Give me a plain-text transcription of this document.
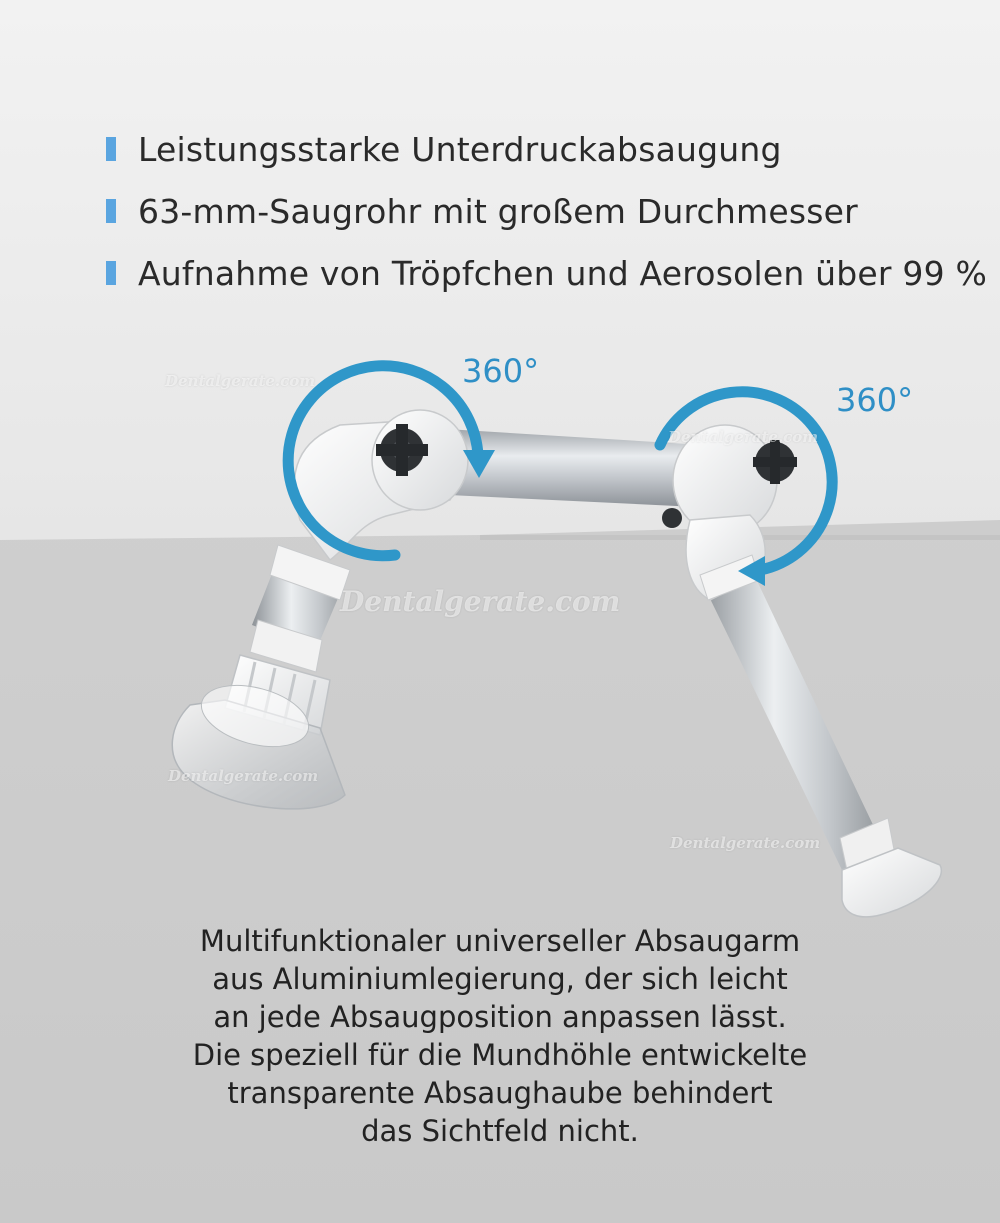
Leistungsstarke Unterdruckabsaugung
63-mm-Saugrohr mit großem Durchmesser
Aufnahme von Tröpfchen und Aerosolen über 99 %
360°
360°
Dentalgerate.com
Dentalgerate.com
Dentalgerate.com
Dentalgerate.com
Dentalgerate.com

Multifunktionaler universeller Absaugarm
aus Aluminiumlegierung, der sich leicht
an jede Absaugposition anpassen lässt.
Die speziell für die Mundhöhle entwickelte
transparente Absaughaube behindert
das Sichtfeld nicht.
